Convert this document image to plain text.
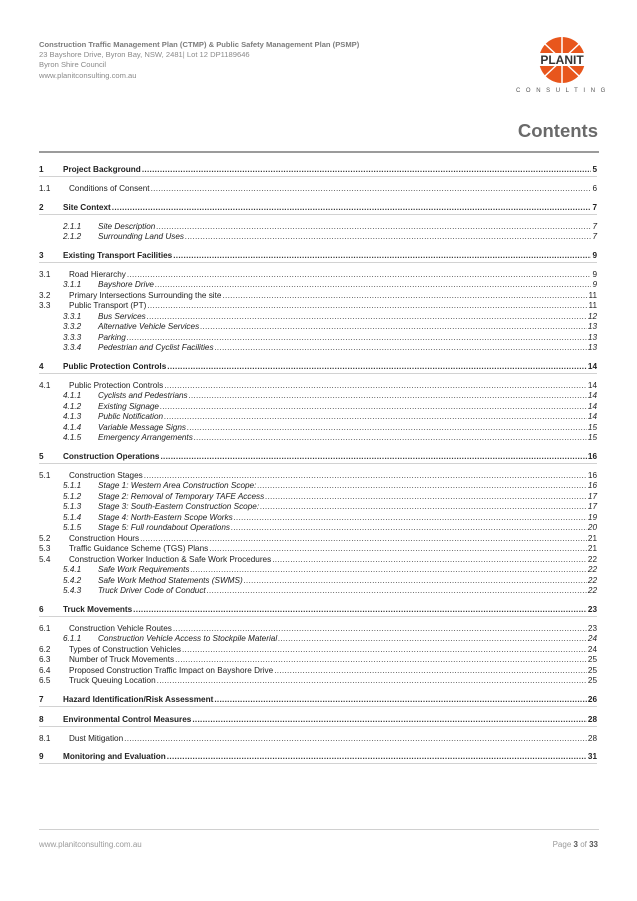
Construction Traffic Management Plan (CTMP) & Public Safety Management Plan (PSMP)
23 Bayshore Drive, Byron Bay, NSW, 2481| Lot 12 DP1189646
Byron Shire Council
www.planitconsulting.com.au
PLANIT
CONSULTING
Contents
1	Project Background .....	5
1.1	Conditions of Consent .....	6
2	Site Context .....	7
2.1.1	Site Description .....	7
2.1.2	Surrounding Land Uses .....	7
3	Existing Transport Facilities .....	9
3.1	Road Hierarchy .....	9
3.1.1	Bayshore Drive .....	9
3.2	Primary Intersections Surrounding the site .....	11
3.3	Public Transport (PT) .....	11
3.3.1	Bus Services .....	12
3.3.2	Alternative Vehicle Services .....	13
3.3.3	Parking .....	13
3.3.4	Pedestrian and Cyclist Facilities .....	13
4	Public Protection Controls .....	14
4.1	Public Protection Controls .....	14
4.1.1	Cyclists and Pedestrians .....	14
4.1.2	Existing Signage .....	14
4.1.3	Public Notification .....	14
4.1.4	Variable Message Signs .....	15
4.1.5	Emergency Arrangements .....	15
5	Construction Operations .....	16
5.1	Construction Stages .....	16
5.1.1	Stage 1: Western Area Construction Scope: .....	16
5.1.2	Stage 2: Removal of Temporary TAFE Access .....	17
5.1.3	Stage 3: South-Eastern Construction Scope: .....	17
5.1.4	Stage 4: North-Eastern Scope Works .....	19
5.1.5	Stage 5: Full roundabout Operations .....	20
5.2	Construction Hours .....	21
5.3	Traffic Guidance Scheme (TGS) Plans .....	21
5.4	Construction Worker Induction & Safe Work Procedures .....	22
5.4.1	Safe Work Requirements .....	22
5.4.2	Safe Work Method Statements (SWMS) .....	22
5.4.3	Truck Driver Code of Conduct .....	22
6	Truck Movements .....	23
6.1	Construction Vehicle Routes .....	23
6.1.1	Construction Vehicle Access to Stockpile Material .....	24
6.2	Types of Construction Vehicles .....	24
6.3	Number of Truck Movements .....	25
6.4	Proposed Construction Traffic Impact on Bayshore Drive .....	25
6.5	Truck Queuing Location .....	25
7	Hazard Identification/Risk Assessment .....	26
8	Environmental Control Measures .....	28
8.1	Dust Mitigation .....	28
9	Monitoring and Evaluation .....	31
www.planitconsulting.com.au	Page 3 of 33
